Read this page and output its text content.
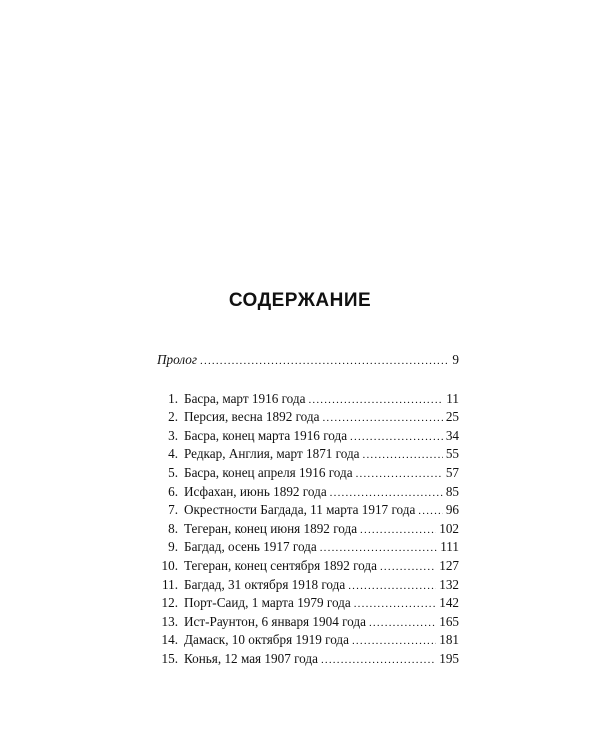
СОДЕРЖАНИЕ
Пролог .....	9
1. Басра, март 1916 года .....	11
2. Персия, весна 1892 года .....	25
3. Басра, конец марта 1916 года .....	34
4. Редкар, Англия, март 1871 года .....	55
5. Басра, конец апреля 1916 года .....	57
6. Исфахан, июнь 1892 года .....	85
7. Окрестности Багдада, 11 марта 1917 года ..... 96
8. Тегеран, конец июня 1892 года .....	102
9. Багдад, осень 1917 года .....	111
10. Тегеран, конец сентября 1892 года .....	127
11. Багдад, 31 октября 1918 года .....	132
12. Порт-Саид, 1 марта 1979 года .....	142
13. Ист-Раунтон, 6 января 1904 года .....	165
14. Дамаск, 10 октября 1919 года .....	181
15. Конья, 12 мая 1907 года .....	195
